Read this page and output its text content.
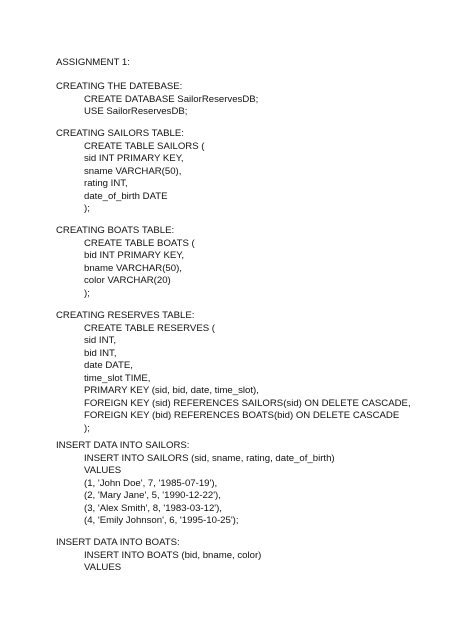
ASSIGNMENT 1:
CREATING THE DATEBASE:
CREATE DATABASE SailorReservesDB;
USE SailorReservesDB;
CREATING SAILORS TABLE:
CREATE TABLE SAILORS (
sid INT PRIMARY KEY,
sname VARCHAR(50),
rating INT,
date_of_birth DATE
);
CREATING BOATS TABLE:
CREATE TABLE BOATS (
bid INT PRIMARY KEY,
bname VARCHAR(50),
color VARCHAR(20)
);
CREATING RESERVES TABLE:
CREATE TABLE RESERVES (
sid INT,
bid INT,
date DATE,
time_slot TIME,
PRIMARY KEY (sid, bid, date, time_slot),
FOREIGN KEY (sid) REFERENCES SAILORS(sid) ON DELETE CASCADE,
FOREIGN KEY (bid) REFERENCES BOATS(bid) ON DELETE CASCADE
);
INSERT DATA INTO SAILORS:
INSERT INTO SAILORS (sid, sname, rating, date_of_birth)
VALUES
(1, 'John Doe', 7, '1985-07-19'),
(2, 'Mary Jane', 5, '1990-12-22'),
(3, 'Alex Smith', 8, '1983-03-12'),
(4, 'Emily Johnson', 6, '1995-10-25');
INSERT DATA INTO BOATS:
INSERT INTO BOATS (bid, bname, color)
VALUES
